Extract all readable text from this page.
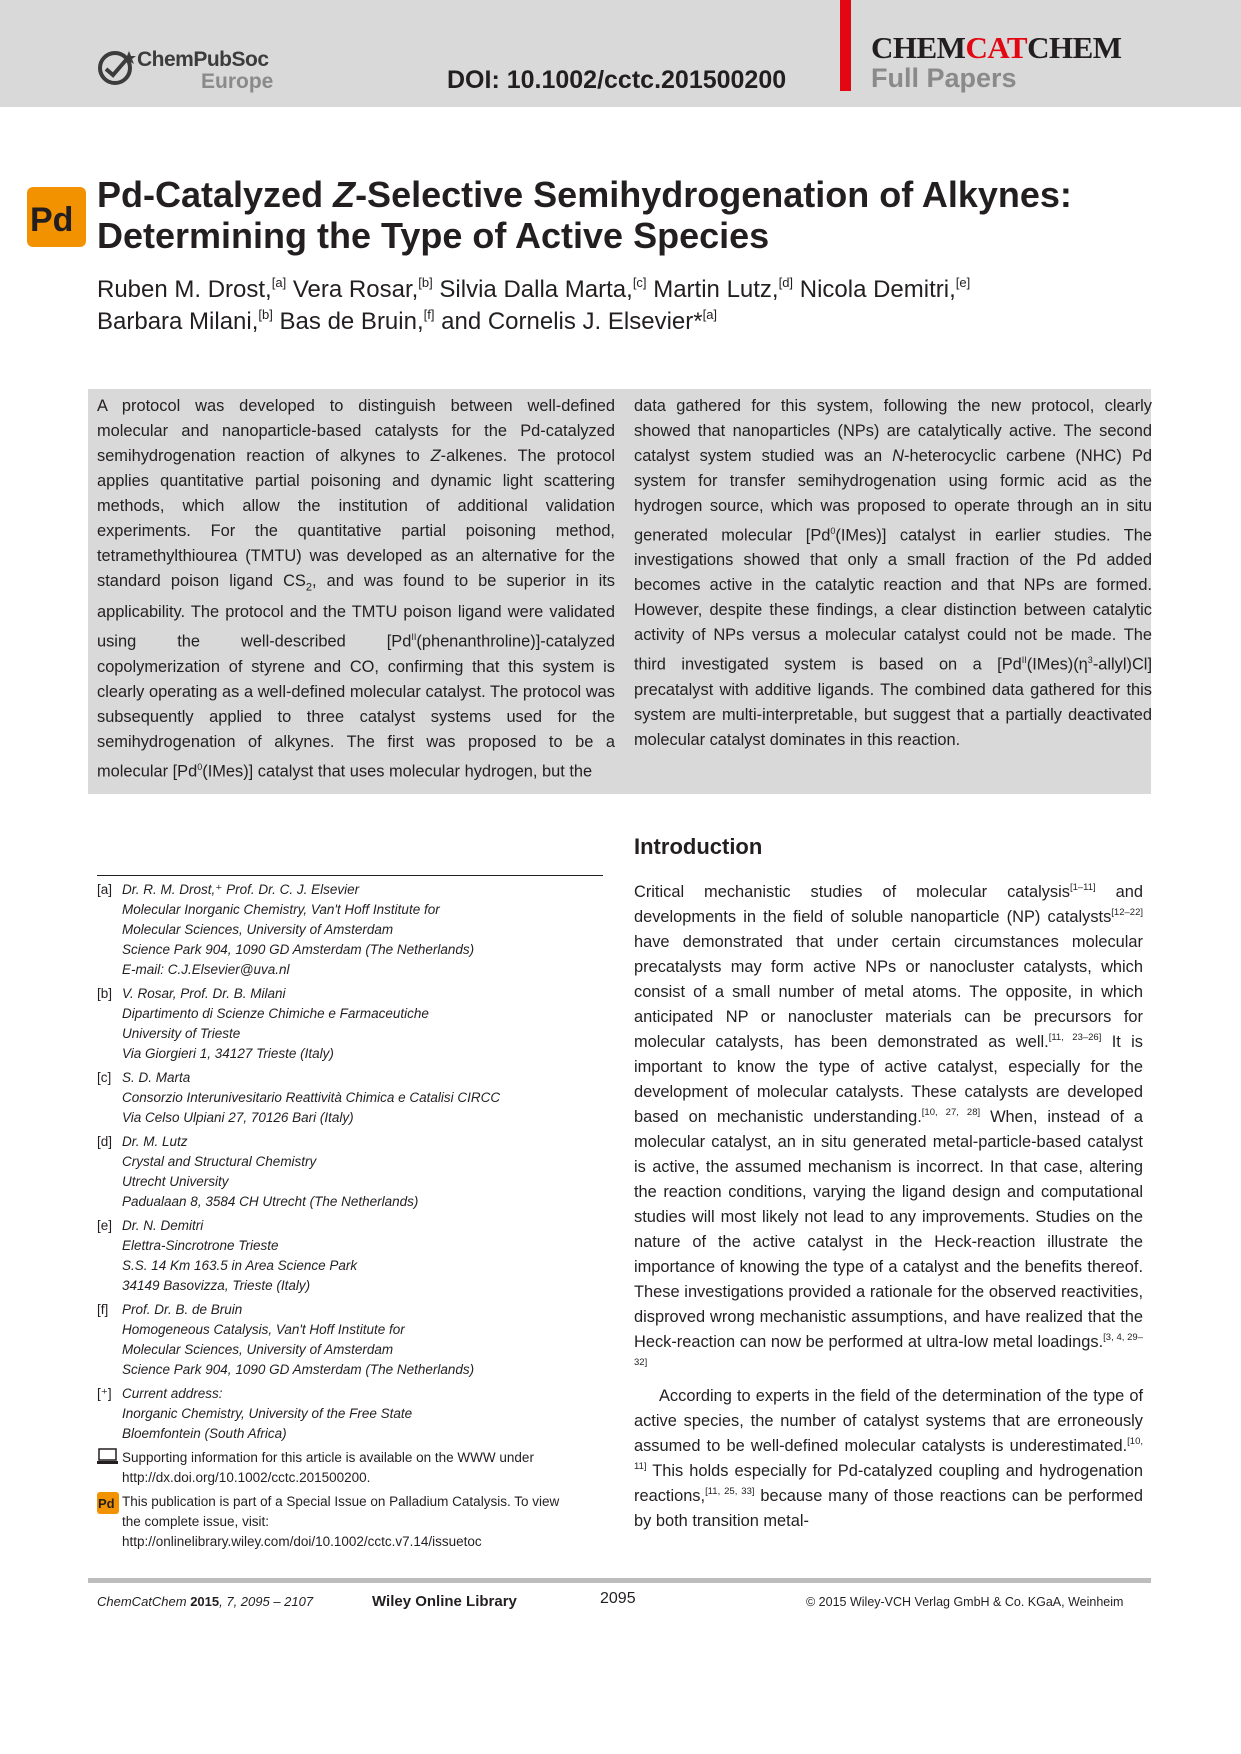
ChemPubSoc
Europe	DOI: 10.1002/cctc.201500200
CHEMCATCHEM
Full Papers
Pd
Pd-Catalyzed Z-Selective Semihydrogenation of Alkynes:
Determining the Type of Active Species
Ruben M. Drost,[a] Vera Rosar,[b] Silvia Dalla Marta,[c] Martin Lutz,[d] Nicola Demitri,[e]
Barbara Milani,[b] Bas de Bruin,[f] and Cornelis J. Elsevier*[a]
A protocol was developed to distinguish between well-defined molecular and nanoparticle-based catalysts for the Pd-catalyzed semihydrogenation reaction of alkynes to Z-alkenes. The protocol applies quantitative partial poisoning and dynamic light scattering methods, which allow the institution of additional validation experiments. For the quantitative partial poisoning method, tetramethylthiourea (TMTU) was developed as an alternative for the standard poison ligand $CS_2$, and was found to be superior in its applicability. The protocol and the TMTU poison ligand were validated using the well-described $[Pd^{II}(phenanthroline)]$-catalyzed copolymerization of styrene and CO, confirming that this system is clearly operating as a well-defined molecular catalyst. The protocol was subsequently applied to three catalyst systems used for the semihydrogenation of alkynes. The first was proposed to be a molecular [Pd$^0$(IMes)] catalyst that uses molecular hydrogen, but the
data gathered for this system, following the new protocol, clearly showed that nanoparticles (NPs) are catalytically active. The second catalyst system studied was an N-heterocyclic carbene (NHC) Pd system for transfer semihydrogenation using formic acid as the hydrogen source, which was proposed to operate through an in situ generated molecular [Pd$^0$(IMes)] catalyst in earlier studies. The investigations showed that only a small fraction of the Pd added becomes active in the catalytic reaction and that NPs are formed. However, despite these findings, a clear distinction between catalytic activity of NPs versus a molecular catalyst could not be made. The third investigated system is based on a $[Pd^{II}(IMes)(\eta^3-allyl)Cl]$ precatalyst with additive ligands. The combined data gathered for this system are multi-interpretable, but suggest that a partially deactivated molecular catalyst dominates in this reaction.
[a] Dr. R. M. Drost,⁺ Prof. Dr. C. J. Elsevier
Molecular Inorganic Chemistry, Van't Hoff Institute for
Molecular Sciences, University of Amsterdam
Science Park 904, 1090 GD Amsterdam (The Netherlands)
E-mail: C.J.Elsevier@uva.nl
[b] V. Rosar, Prof. Dr. B. Milani
Dipartimento di Scienze Chimiche e Farmaceutiche
University of Trieste
Via Giorgieri 1, 34127 Trieste (Italy)
[c] S. D. Marta
Consorzio Interunivesitario Reattività Chimica e Catalisi CIRCC
Via Celso Ulpiani 27, 70126 Bari (Italy)
[d] Dr. M. Lutz
Crystal and Structural Chemistry
Utrecht University
Padualaan 8, 3584 CH Utrecht (The Netherlands)
[e] Dr. N. Demitri
Elettra-Sincrotrone Trieste
S.S. 14 Km 163.5 in Area Science Park
34149 Basovizza, Trieste (Italy)
[f]	Prof. Dr. B. de Bruin
Homogeneous Catalysis, Van't Hoff Institute for
Molecular Sciences, University of Amsterdam
Science Park 904, 1090 GD Amsterdam (The Netherlands)
[⁺] Current address:
Inorganic Chemistry, University of the Free State
Bloemfontein (South Africa)
Supporting information for this article is available on the WWW under
http://dx.doi.org/10.1002/cctc.201500200.
Pd This publication is part of a Special Issue on Palladium Catalysis. To view
the complete issue, visit:
http://onlinelibrary.wiley.com/doi/10.1002/cctc.v7.14/issuetoc
Introduction

Critical mechanistic studies of molecular catalysis[1–11] and developments in the field of soluble nanoparticle (NP) catalysts[12–22] have demonstrated that under certain circumstances molecular precatalysts may form active NPs or nanocluster catalysts, which consist of a small number of metal atoms. The opposite, in which anticipated NP or nanocluster materials can be precursors for molecular catalysts, has been demonstrated as well.[11, 23–26] It is important to know the type of active catalyst, especially for the development of molecular catalysts. These catalysts are developed based on mechanistic understanding.[10, 27, 28] When, instead of a molecular catalyst, an in situ generated metal-particle-based catalyst is active, the assumed mechanism is incorrect. In that case, altering the reaction conditions, varying the ligand design and computational studies will most likely not lead to any improvements. Studies on the nature of the active catalyst in the Heck-reaction illustrate the importance of knowing the type of a catalyst and the benefits thereof. These investigations provided a rationale for the observed reactivities, disproved wrong mechanistic assumptions, and have realized that the Heck-reaction can now be performed at ultra-low metal loadings.[3, 4, 29–32]

According to experts in the field of the determination of the type of active species, the number of catalyst systems that are erroneously assumed to be well-defined molecular catalysts is underestimated.[10, 11] This holds especially for Pd-catalyzed coupling and hydrogenation reactions,[11, 25, 33] because many of those reactions can be performed by both transition metal-

ChemCatChem 2015, 7, 2095 – 2107	Wiley Online Library	2095	© 2015 Wiley-VCH Verlag GmbH & Co. KGaA, Weinheim
